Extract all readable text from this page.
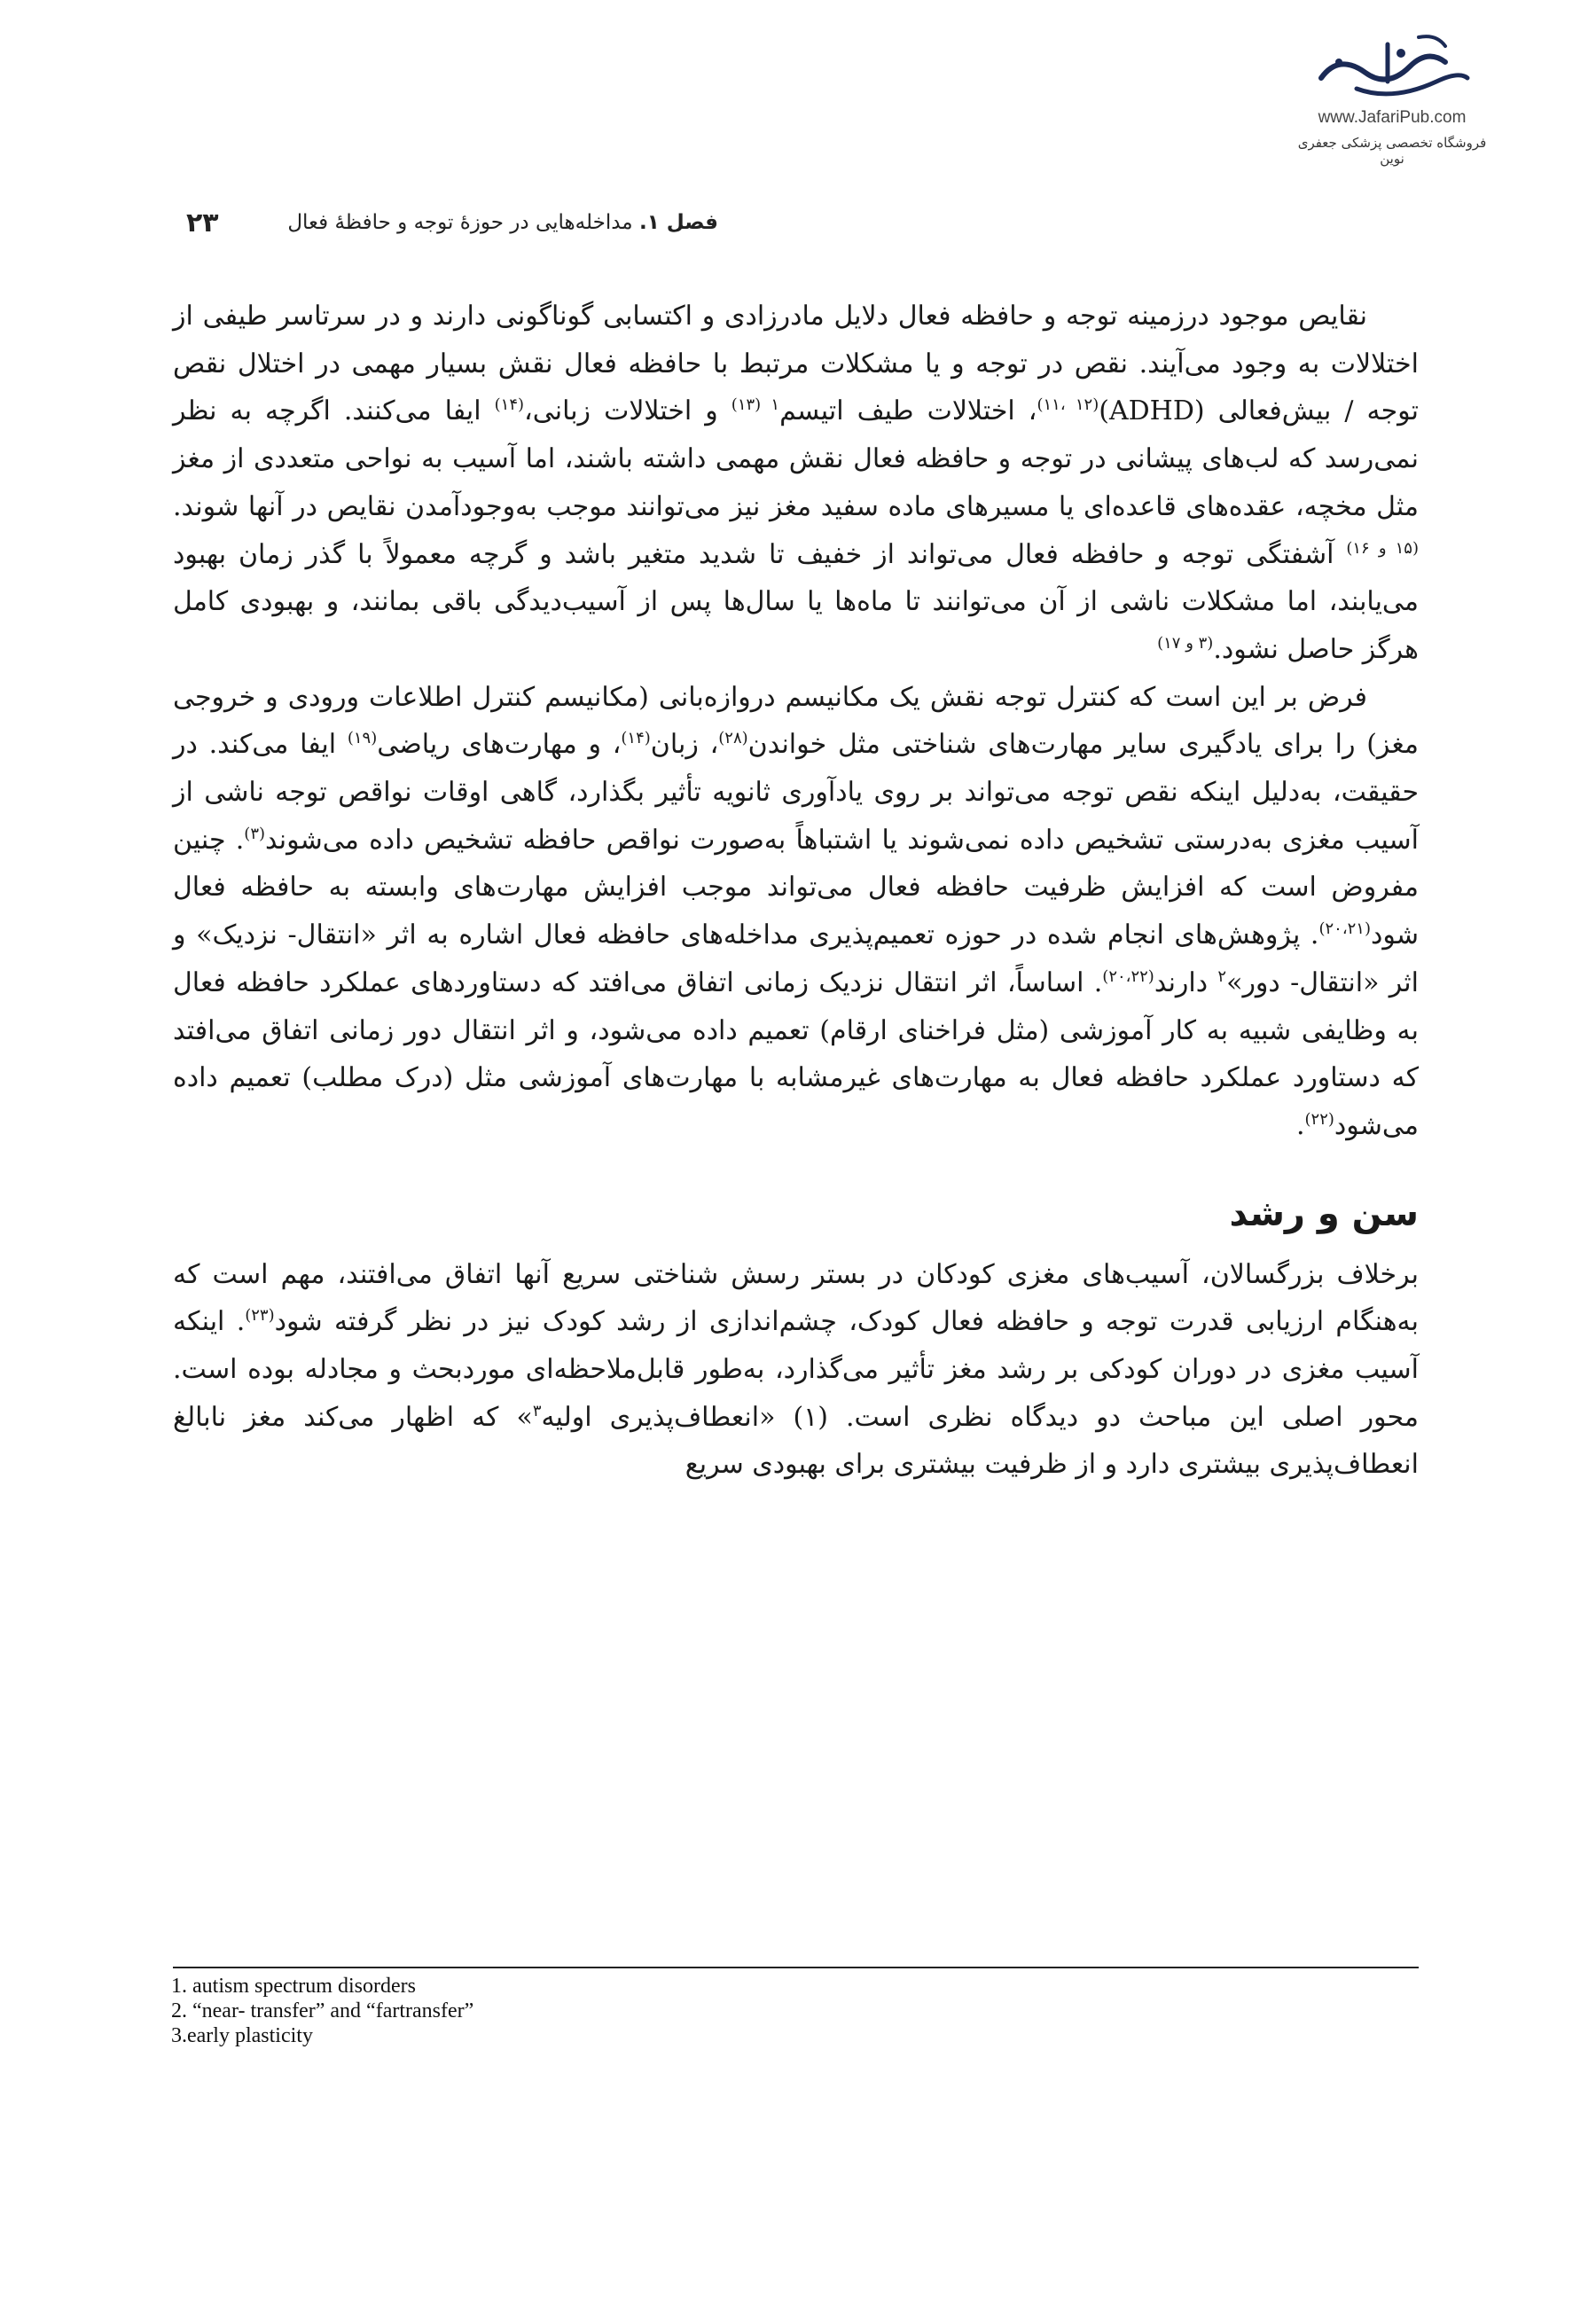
www.JafariPub.com
فروشگاه تخصصی پزشکی جعفری نوین
فصل ۱. مداخله‌هایی در حوزهٔ توجه و حافظهٔ فعال
۲۳

نقایص موجود درزمینه توجه و حافظه فعال دلایل مادرزادی و اکتسابی گوناگونی دارند و در سرتاسر طیفی از اختلالات به وجود می‌آیند. نقص در توجه و یا مشکلات مرتبط با حافظه فعال نقش بسیار مهمی در اختلال نقص توجه / بیش‌فعالی (ADHD)$^{(۱۱، ۱۲)}$، اختلالات طیف اتیسم$^{۱ (۱۳)}$ و اختلالات زبانی،$^{(۱۴)}$ ایفا می‌کنند. اگرچه به نظر نمی‌رسد که لب‌های پیشانی در توجه و حافظه فعال نقش مهمی داشته باشند، اما آسیب به نواحی متعددی از مغز مثل مخچه، عقده‌های قاعده‌ای یا مسیرهای ماده سفید مغز نیز می‌توانند موجب به‌وجودآمدن نقایص در آنها شوند.$^{(۱۵ و ۱۶)}$ آشفتگی توجه و حافظه فعال می‌تواند از خفیف تا شدید متغیر باشد و گرچه معمولاً با گذر زمان بهبود می‌یابند، اما مشکلات ناشی از آن می‌توانند تا ماه‌ها یا سال‌ها پس از آسیب‌دیدگی باقی بمانند، و بهبودی کامل هرگز حاصل نشود.$^{(۳ و ۱۷)}$

فرض بر این است که کنترل توجه نقش یک مکانیسم دروازه‌بانی (مکانیسم کنترل اطلاعات ورودی و خروجی مغز) را برای یادگیری سایر مهارت‌های شناختی مثل خواندن$^{(۲۸)}$، زبان$^{(۱۴)}$، و مهارت‌های ریاضی$^{(۱۹)}$ ایفا می‌کند. در حقیقت، به‌دلیل اینکه نقص توجه می‌تواند بر روی یادآوری ثانویه تأثیر بگذارد، گاهی اوقات نواقص توجه ناشی از آسیب مغزی به‌درستی تشخیص داده نمی‌شوند یا اشتباهاً به‌صورت نواقص حافظه تشخیص داده می‌شوند$^{(۳)}$. چنین مفروض است که افزایش ظرفیت حافظه فعال می‌تواند موجب افزایش مهارت‌های وابسته به حافظه فعال شود$^{(۲۰،۲۱)}$. پژوهش‌های انجام شده در حوزه تعمیم‌پذیری مداخله‌های حافظه فعال اشاره به اثر «انتقال- نزدیک» و اثر «انتقال- دور»$^۲$ دارند$^{(۲۰،۲۲)}$. اساساً، اثر انتقال نزدیک زمانی اتفاق می‌افتد که دستاوردهای عملکرد حافظه فعال به وظایفی شبیه به کار آموزشی (مثل فراخنای ارقام) تعمیم داده می‌شود، و اثر انتقال دور زمانی اتفاق می‌افتد که دستاورد عملکرد حافظه فعال به مهارت‌های غیرمشابه با مهارت‌های آموزشی مثل (درک مطلب) تعمیم داده می‌شود$^{(۲۲)}$.

سن و رشد

برخلاف بزرگسالان، آسیب‌های مغزی کودکان در بستر رسش شناختی سریع آنها اتفاق می‌افتند، مهم است که به‌هنگام ارزیابی قدرت توجه و حافظه فعال کودک، چشم‌اندازی از رشد کودک نیز در نظر گرفته شود$^{(۲۳)}$. اینکه آسیب مغزی در دوران کودکی بر رشد مغز تأثیر می‌گذارد، به‌طور قابل‌ملاحظه‌ای موردبحث و مجادله بوده است. محور اصلی این مباحث دو دیدگاه نظری است. (۱) «انعطاف‌پذیری اولیه$^۳$» که اظهار می‌کند مغز نابالغ انعطاف‌پذیری بیشتری دارد و از ظرفیت بیشتری برای بهبودی سریع

1. autism spectrum disorders
2. “near- transfer” and “fartransfer”
3.early plasticity
